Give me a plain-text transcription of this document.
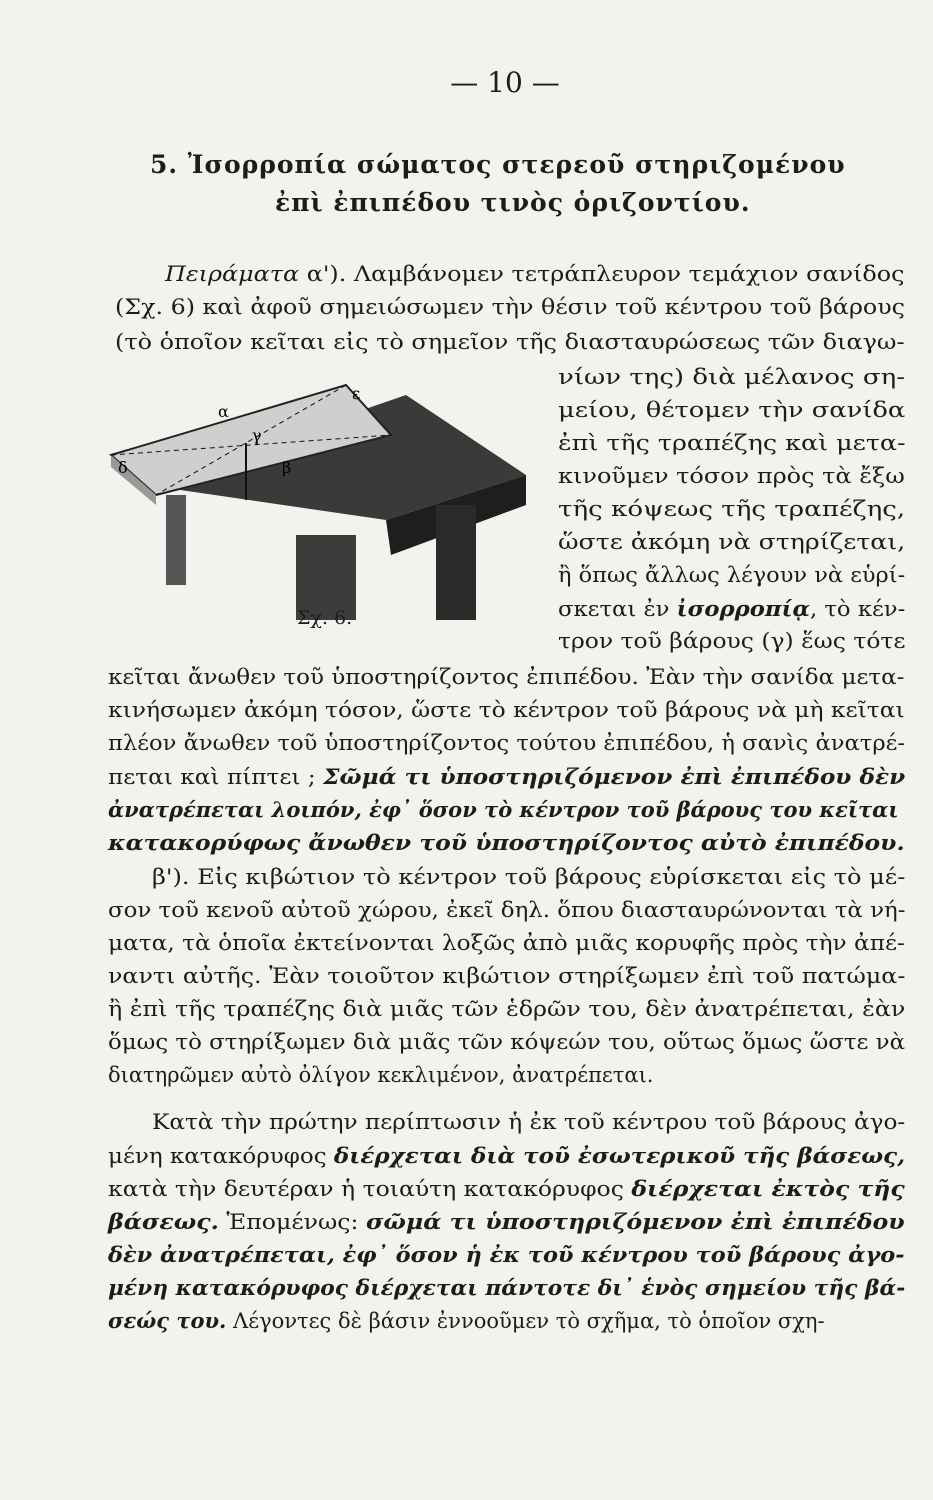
— 10 —
5. Ἰσορροπία σώματος στερεοῦ στηριζομένου
ἐπὶ ἐπιπέδου τινὸς ὁριζοντίου.
α
γ
ε
δ	β
Σχ. 6.
Πειράματα α'). Λαμβάνομεν τετράπλευρον τεμάχιον σανίδος
(Σχ. 6) καὶ ἀφοῦ σημειώσωμεν τὴν θέσιν τοῦ κέντρου τοῦ βάρους
(τὸ ὁποῖον κεῖται εἰς τὸ σημεῖον τῆς διασταυρώσεως τῶν διαγω-
νίων της) διὰ μέλανος ση-
μείου, θέτομεν τὴν σανίδα
ἐπὶ τῆς τραπέζης καὶ μετα-
κινοῦμεν τόσον πρὸς τὰ ἔξω
τῆς κόψεως τῆς τραπέζης,
ὥστε ἀκόμη νὰ στηρίζεται,
ἢ ὅπως ἄλλως λέγουν νὰ εὑρί-
σκεται ἐν ἰσορροπίᾳ, τὸ κέν-
τρον τοῦ βάρους (γ) ἕως τότε
κεῖται ἄνωθεν τοῦ ὑποστηρίζοντος ἐπιπέδου. Ἐὰν τὴν σανίδα μετα-
κινήσωμεν ἀκόμη τόσον, ὥστε τὸ κέντρον τοῦ βάρους νὰ μὴ κεῖται
πλέον ἄνωθεν τοῦ ὑποστηρίζοντος τούτου ἐπιπέδου, ἡ σανὶς ἀνατρέ-
πεται καὶ πίπτει ; Σῶμά τι ὑποστηριζόμενον ἐπὶ ἐπιπέδου δὲν
ἀνατρέπεται λοιπόν, ἐφ᾽ ὅσον τὸ κέντρον τοῦ βάρους του κεῖται
κατακορύφως ἄνωθεν τοῦ ὑποστηρίζοντος αὐτὸ ἐπιπέδου.
β'). Εἰς κιβώτιον τὸ κέντρον τοῦ βάρους εὑρίσκεται εἰς τὸ μέ-
σον τοῦ κενοῦ αὐτοῦ χώρου, ἐκεῖ δηλ. ὅπου διασταυρώνονται τὰ νή-
ματα, τὰ ὁποῖα ἐκτείνονται λοξῶς ἀπὸ μιᾶς κορυφῆς πρὸς τὴν ἀπέ-
ναντι αὐτῆς. Ἐὰν τοιοῦτον κιβώτιον στηρίξωμεν ἐπὶ τοῦ πατώμα-
ἢ ἐπὶ τῆς τραπέζης διὰ μιᾶς τῶν ἑδρῶν του, δὲν ἀνατρέπεται, ἐὰν
ὅμως τὸ στηρίξωμεν διὰ μιᾶς τῶν κόψεών του, οὕτως ὅμως ὥστε νὰ
διατηρῶμεν αὐτὸ ὀλίγον κεκλιμένον, ἀνατρέπεται.
Κατὰ τὴν πρώτην περίπτωσιν ἡ ἐκ τοῦ κέντρου τοῦ βάρους ἀγο-
μένη κατακόρυφος διέρχεται διὰ τοῦ ἐσωτερικοῦ τῆς βάσεως,
κατὰ τὴν δευτέραν ἡ τοιαύτη κατακόρυφος διέρχεται ἐκτὸς τῆς
βάσεως. Ἑπομένως: σῶμά τι ὑποστηριζόμενον ἐπὶ ἐπιπέδου
δὲν ἀνατρέπεται, ἐφ᾽ ὅσον ἡ ἐκ τοῦ κέντρου τοῦ βάρους ἀγο-
μένη κατακόρυφος διέρχεται πάντοτε δι᾽ ἑνὸς σημείου τῆς βά-
σεώς του. Λέγοντες δὲ βάσιν ἐννοοῦμεν τὸ σχῆμα, τὸ ὁποῖον σχη-
